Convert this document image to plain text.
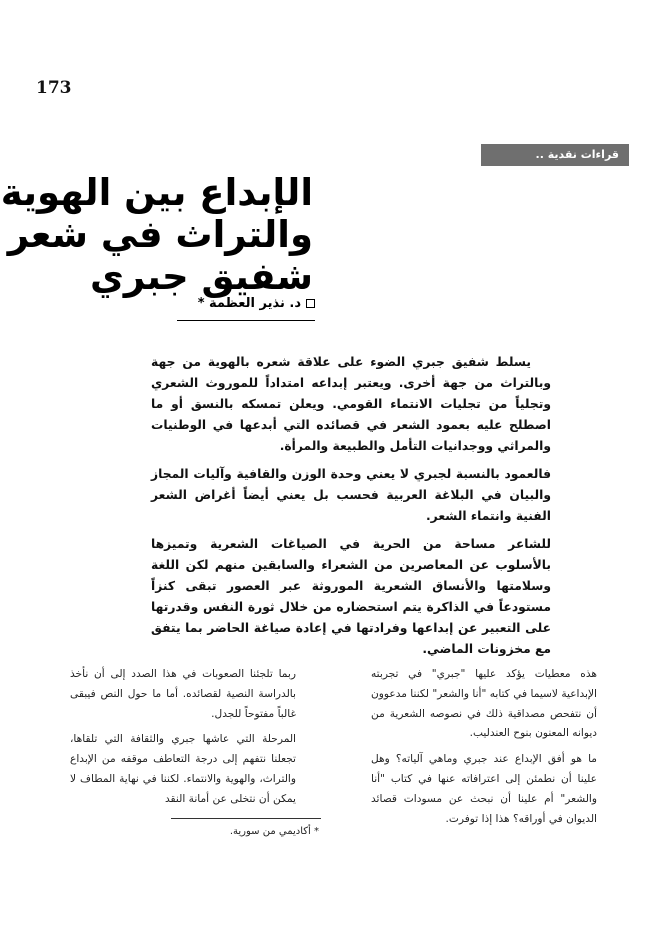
173
قراءات نقدية ..
الإبداع بين الهوية
والتراث في شعر
شفيق جبري
د. نذير العظمة *

يسلط شفيق جبري الضوء على علاقة شعره بالهوية من جهة وبالتراث من جهة أخرى. ويعتبر إبداعه امتداداً للموروث الشعري وتجلياً من تجليات الانتماء القومي. ويعلن تمسكه بالنسق أو ما اصطلح عليه بعمود الشعر في قصائده التي أبدعها في الوطنيات والمراثي ووجدانيات التأمل والطبيعة والمرأة.

فالعمود بالنسبة لجبري لا يعني وحدة الوزن والقافية وآليات المجاز والبيان في البلاغة العربية فحسب بل يعني أيضاً أغراض الشعر الفنية وانتماء الشعر.

للشاعر مساحة من الحرية في الصياغات الشعرية وتميزها بالأسلوب عن المعاصرين من الشعراء والسابقين منهم لكن اللغة وسلامتها والأنساق الشعرية الموروثة عبر العصور تبقى كنزاً مستودعاً في الذاكرة يتم استحضاره من خلال ثورة النفس وقدرتها على التعبير عن إبداعها وفرادتها في إعادة صياغة الحاضر بما يتفق مع مخزونات الماضي.

هذه معطيات يؤكد عليها "جبري" في تجربته الإبداعية لاسيما في كتابه "أنا والشعر" لكننا مدعوون أن نتفحص مصداقية ذلك في نصوصه الشعرية من ديوانه المعنون بنوح العندليب.

ما هو أفق الإبداع عند جبري وماهي آلياته؟ وهل علينا أن نطمئن إلى اعترافاته عنها في كتاب "أنا والشعر" أم علينا أن نبحث عن مسودات قصائد الديوان في أوراقه؟ هذا إذا توفرت.

ربما تلجئنا الصعوبات في هذا الصدد إلى أن نأخذ بالدراسة النصية لقصائده. أما ما حول النص فيبقى غالباً مفتوحاً للجدل.

المرحلة التي عاشها جبري والثقافة التي تلقاها، تجعلنا نتفهم إلى درجة التعاطف موقفه من الإبداع والتراث، والهوية والانتماء. لكننا في نهاية المطاف لا يمكن أن نتخلى عن أمانة النقد

* أكاديمي من سورية.
